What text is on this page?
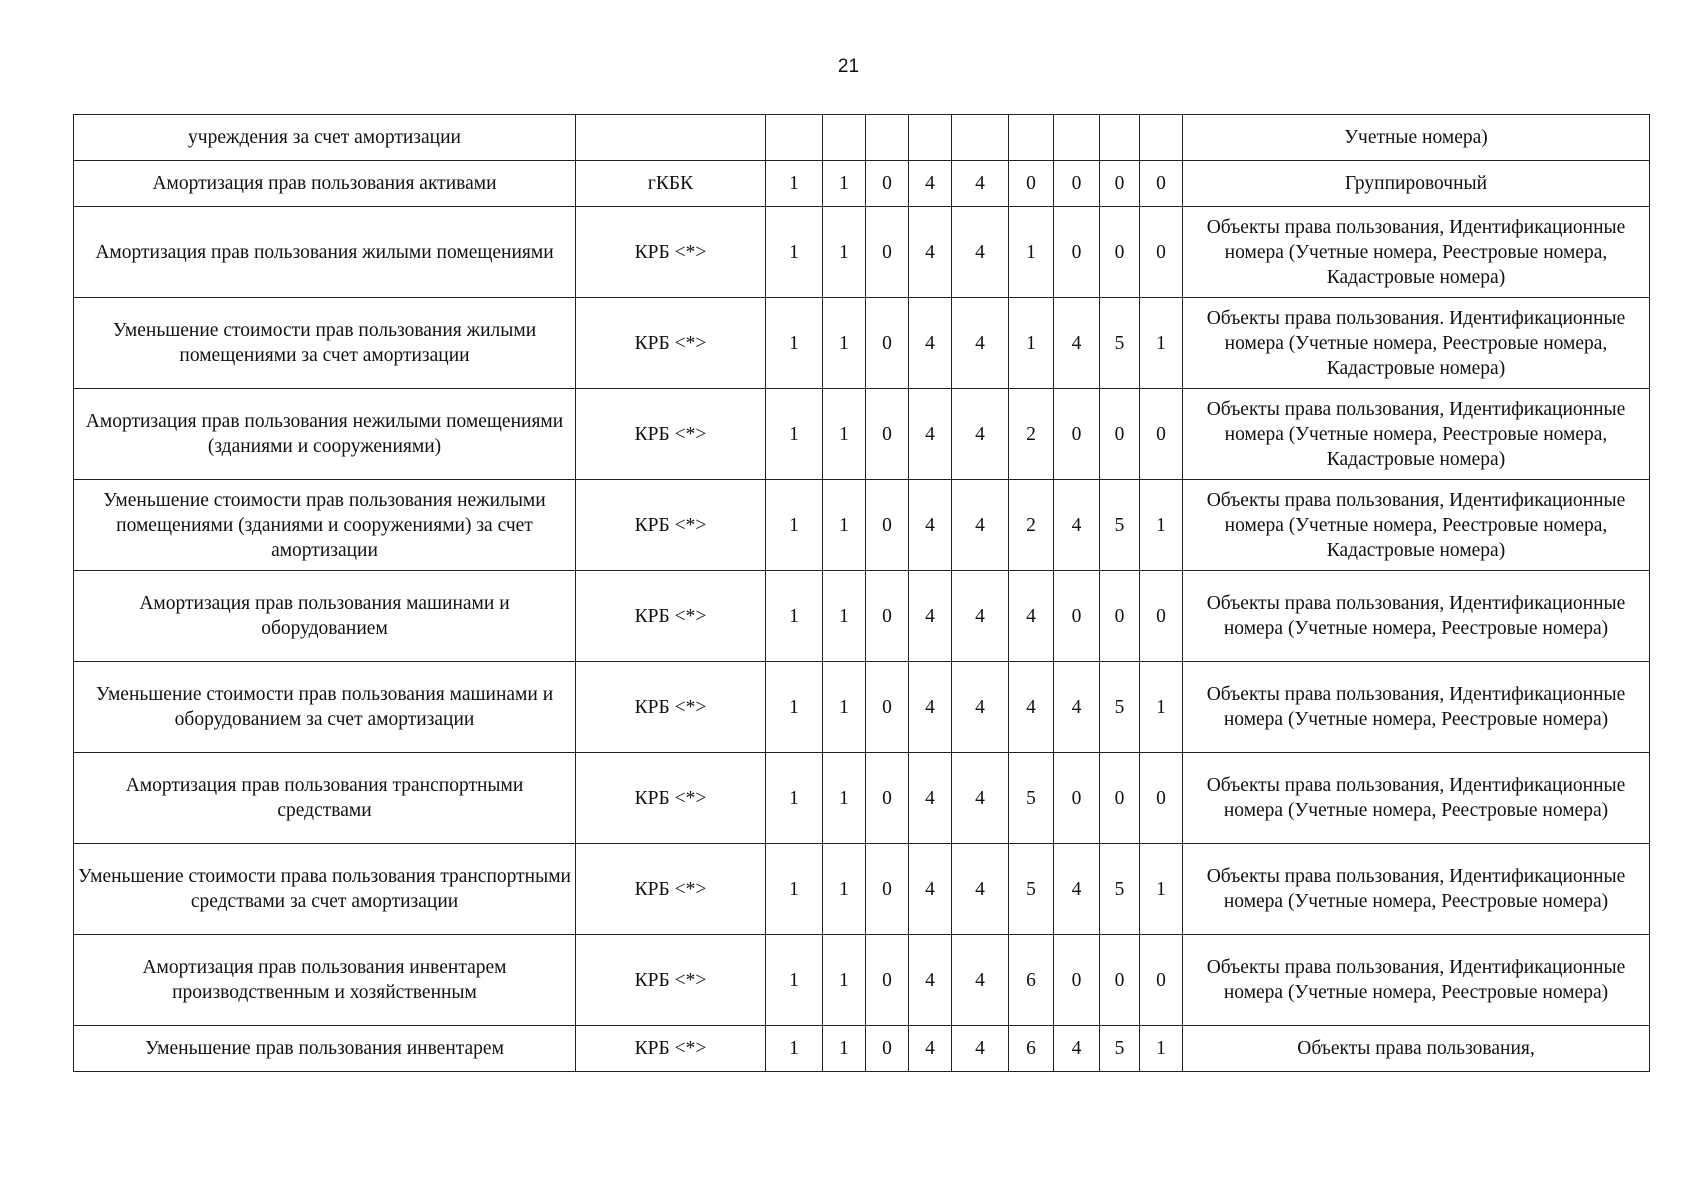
21
учреждения за счет амортизации											Учетные номера)
Амортизация прав пользования активами	гКБК	1	1	0	4	4	0	0	0	0	Группировочный
Амортизация прав пользования жилыми помещениями	КРБ <*>	1	1	0	4	4	1	0	0	0	Объекты права пользования, Идентификационные номера (Учетные номера, Реестровые номера, Кадастровые номера)
Уменьшение стоимости прав пользования жилыми помещениями за счет амортизации	КРБ <*>	1	1	0	4	4	1	4	5	1	Объекты права пользования. Идентификационные номера (Учетные номера, Реестровые номера, Кадастровые номера)
Амортизация прав пользования нежилыми помещениями (зданиями и сооружениями)	КРБ <*>	1	1	0	4	4	2	0	0	0	Объекты права пользования, Идентификационные номера (Учетные номера, Реестровые номера, Кадастровые номера)
Уменьшение стоимости прав пользования нежилыми помещениями (зданиями и сооружениями) за счет амортизации	КРБ <*>	1	1	0	4	4	2	4	5	1	Объекты права пользования, Идентификационные номера (Учетные номера, Реестровые номера, Кадастровые номера)
Амортизация прав пользования машинами и оборудованием	КРБ <*>	1	1	0	4	4	4	0	0	0	Объекты права пользования, Идентификационные номера (Учетные номера, Реестровые номера)
Уменьшение стоимости прав пользования машинами и оборудованием за счет амортизации	КРБ <*>	1	1	0	4	4	4	4	5	1	Объекты права пользования, Идентификационные номера (Учетные номера, Реестровые номера)
Амортизация прав пользования транспортными средствами	КРБ <*>	1	1	0	4	4	5	0	0	0	Объекты права пользования, Идентификационные номера (Учетные номера, Реестровые номера)
Уменьшение стоимости права пользования транспортными средствами за счет амортизации	КРБ <*>	1	1	0	4	4	5	4	5	1	Объекты права пользования, Идентификационные номера (Учетные номера, Реестровые номера)
Амортизация прав пользования инвентарем производственным и хозяйственным	КРБ <*>	1	1	0	4	4	6	0	0	0	Объекты права пользования, Идентификационные номера (Учетные номера, Реестровые номера)
Уменьшение прав пользования инвентарем	КРБ <*>	1	1	0	4	4	6	4	5	1	Объекты права пользования,
